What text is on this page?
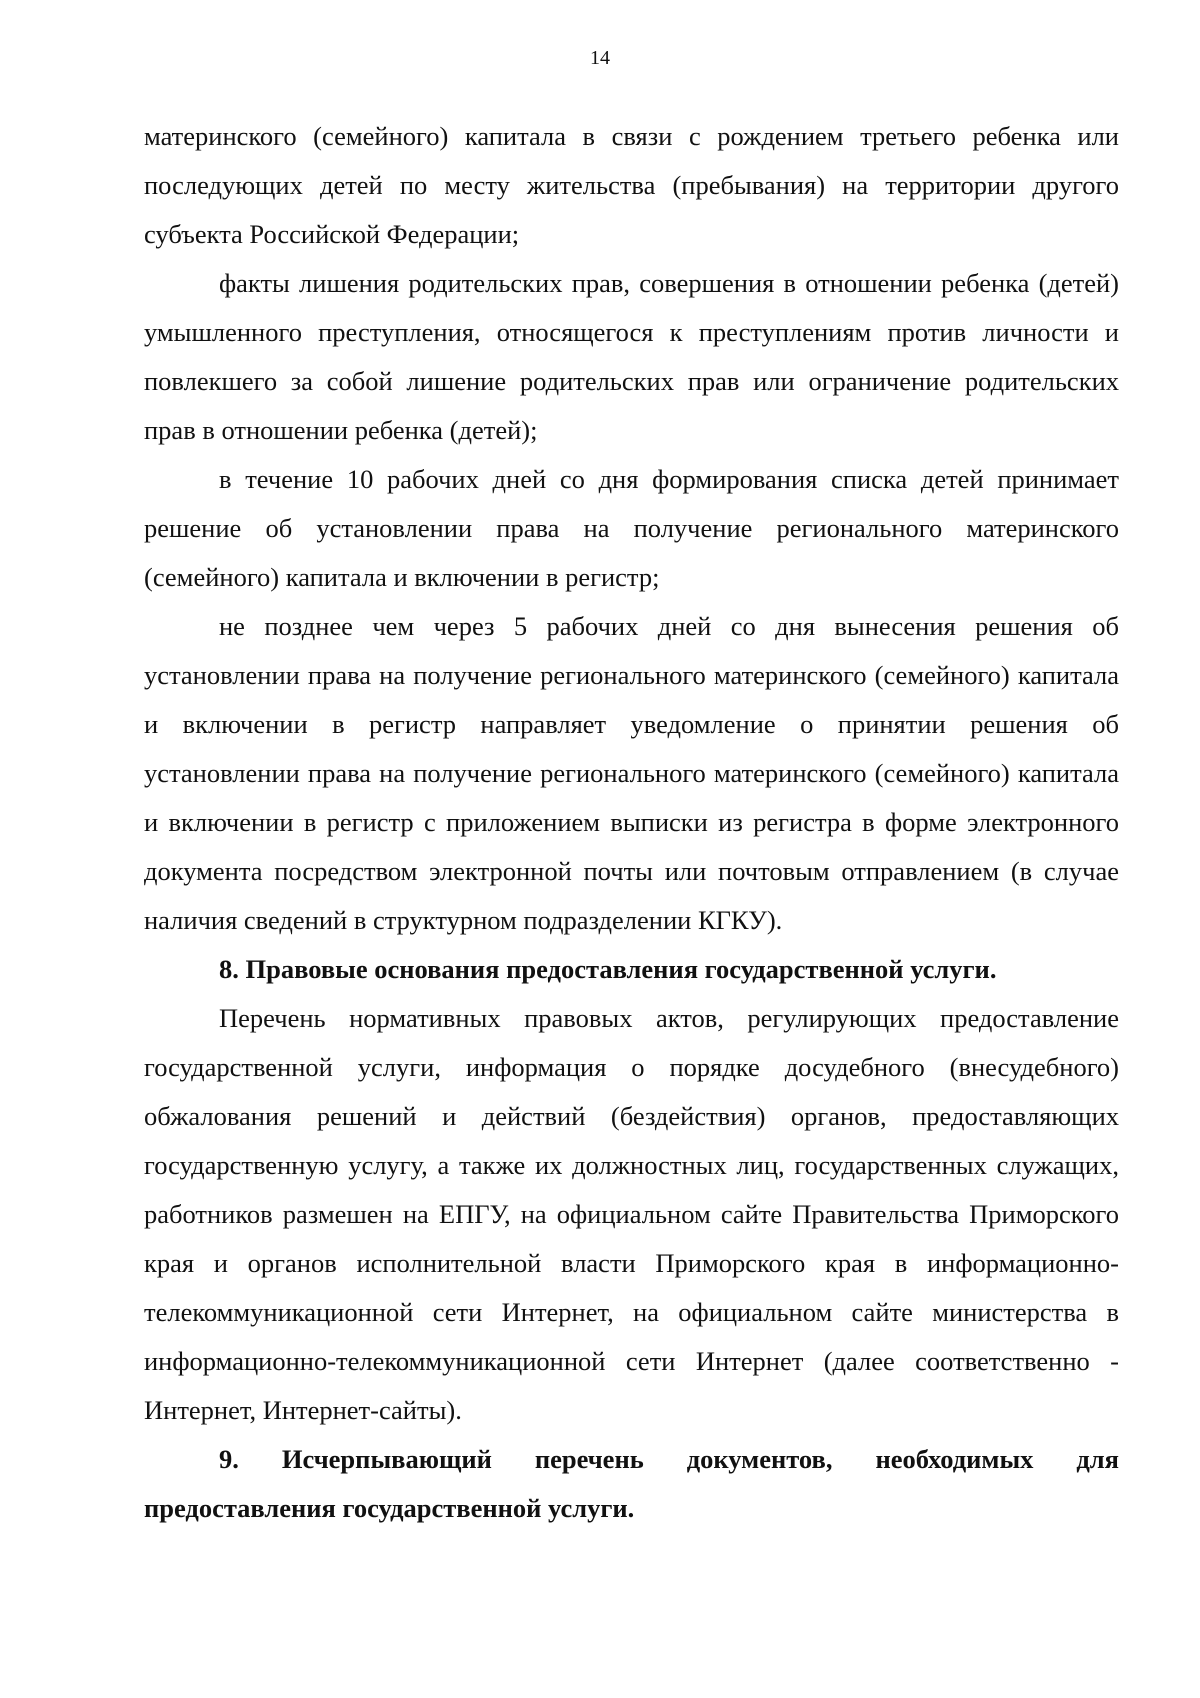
14

материнского (семейного) капитала в связи с рождением третьего ребенка или последующих детей по месту жительства (пребывания) на территории другого субъекта Российской Федерации;

факты лишения родительских прав, совершения в отношении ребенка (детей) умышленного преступления, относящегося к преступлениям против личности и повлекшего за собой лишение родительских прав или ограничение родительских прав в отношении ребенка (детей);

в течение 10 рабочих дней со дня формирования списка детей принимает решение об установлении права на получение регионального материнского (семейного) капитала и включении в регистр;

не позднее чем через 5 рабочих дней со дня вынесения решения об установлении права на получение регионального материнского (семейного) капитала и включении в регистр направляет уведомление о принятии решения об установлении права на получение регионального материнского (семейного) капитала и включении в регистр с приложением выписки из регистра в форме электронного документа посредством электронной почты или почтовым отправлением (в случае наличия сведений в структурном подразделении КГКУ).

8. Правовые основания предоставления государственной услуги.

Перечень нормативных правовых актов, регулирующих предоставление государственной услуги, информация о порядке досудебного (внесудебного) обжалования решений и действий (бездействия) органов, предоставляющих государственную услугу, а также их должностных лиц, государственных служащих, работников размешен на ЕПГУ, на официальном сайте Правительства Приморского края и органов исполнительной власти Приморского края в информационно-телекоммуникационной сети Интернет, на официальном сайте министерства в информационно-телекоммуникационной сети Интернет (далее соответственно - Интернет, Интернет-сайты).

9. Исчерпывающий перечень документов, необходимых для предоставления государственной услуги.
